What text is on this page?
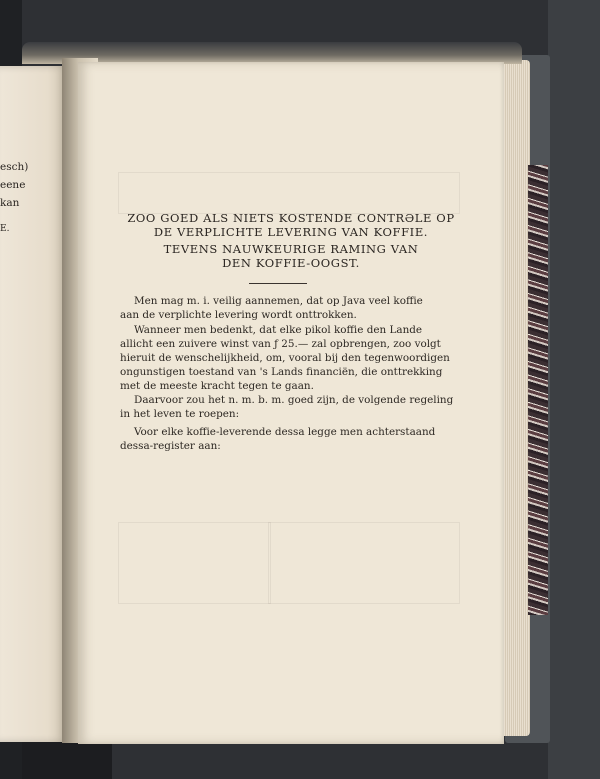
esch)
eene
kan
E.
ZOO GOED ALS NIETS KOSTENDE CONTRƏLE OP
DE VERPLICHTE LEVERING VAN KOFFIE.
TEVENS NAUWKEURIGE RAMING VAN
DEN KOFFIE-OOGST.
Men mag m. i. veilig aannemen, dat op Java veel koffie
aan de verplichte levering wordt onttrokken.
Wanneer men bedenkt, dat elke pikol koffie den Lande
allicht een zuivere winst van ƒ 25.— zal opbrengen, zoo volgt
hieruit de wenschelijkheid, om, vooral bij den tegenwoordigen
ongunstigen toestand van 's Lands financiën, die onttrekking
met de meeste kracht tegen te gaan.
Daarvoor zou het n. m. b. m. goed zijn, de volgende regeling
in het leven te roepen:
Voor elke koffie-leverende dessa legge men achterstaand
dessa-register aan:
